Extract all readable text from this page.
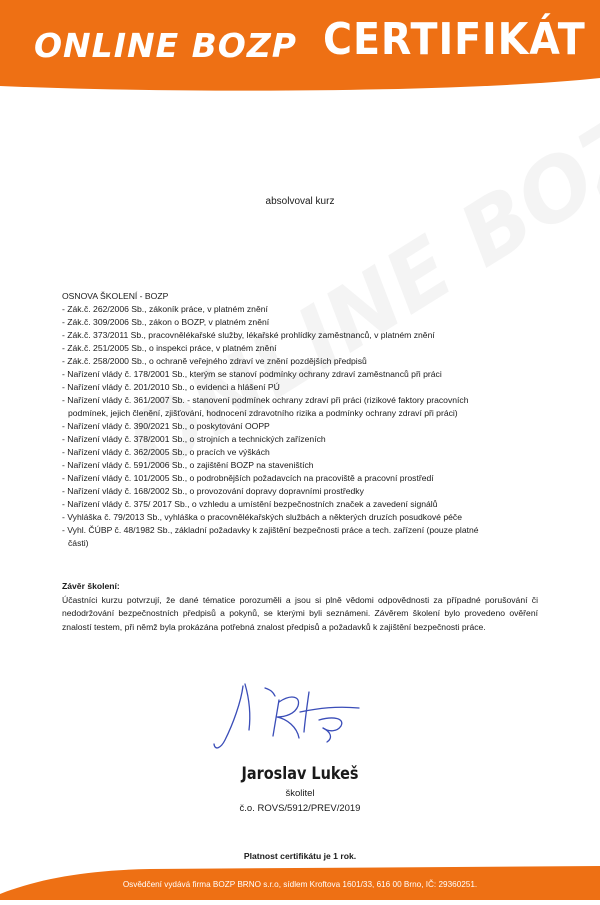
ONLINE BOZP CERTIFIKÁT
absolvoval kurz
OSNOVA ŠKOLENÍ - BOZP
- Zák.č. 262/2006 Sb., zákoník práce, v platném znění
- Zák.č. 309/2006 Sb., zákon o BOZP, v platném znění
- Zák.č. 373/2011 Sb., pracovnělékařské služby, lékařské prohlídky zaměstnanců, v platném znění
- Zák.č. 251/2005 Sb., o inspekci práce, v platném znění
- Zák.č. 258/2000 Sb., o ochraně veřejného zdraví ve znění pozdějších předpisů
- Nařízení vlády č. 178/2001 Sb., kterým se stanoví podmínky ochrany zdraví zaměstnanců při práci
- Nařízení vlády č. 201/2010 Sb., o evidenci a hlášení PÚ
- Nařízení vlády č. 361/2007 Sb. - stanovení podmínek ochrany zdraví při práci (rizikové faktory pracovních
podmínek, jejich členění, zjišťování, hodnocení zdravotního rizika a podmínky ochrany zdraví při práci)
- Nařízení vlády č. 390/2021 Sb., o poskytování OOPP
- Nařízení vlády č. 378/2001 Sb., o strojních a technických zařízeních
- Nařízení vlády č. 362/2005 Sb., o pracích ve výškách
- Nařízení vlády č. 591/2006 Sb., o zajištění BOZP na staveništích
- Nařízení vlády č. 101/2005 Sb., o podrobnějších požadavcích na pracoviště a pracovní prostředí
- Nařízení vlády č. 168/2002 Sb., o provozování dopravy dopravními prostředky
- Nařízení vlády č. 375/ 2017 Sb., o vzhledu a umístění bezpečnostních značek a zavedení signálů
- Vyhláška č. 79/2013 Sb., vyhláška o pracovnělékařských službách a některých druzích posudkové péče
- Vyhl. ČÚBP č. 48/1982 Sb., základní požadavky k zajištění bezpečnosti práce a tech. zařízení (pouze platné
části)
Závěr školení:
Účastníci kurzu potvrzují, že dané tématice porozuměli a jsou si plně vědomi odpovědnosti za případné porušování či nedodržování bezpečnostních předpisů a pokynů, se kterými byli seznámeni. Závěrem školení bylo provedeno ověření znalostí testem, při němž byla prokázána potřebná znalost předpisů a požadavků k zajištění bezpečnosti práce.
Jaroslav Lukeš
školitel
č.o. ROVS/5912/PREV/2019
Platnost certifikátu je 1 rok.
Osvědčení vydává firma BOZP BRNO s.r.o, sídlem Kroftova 1601/33, 616 00 Brno, IČ: 29360251.
